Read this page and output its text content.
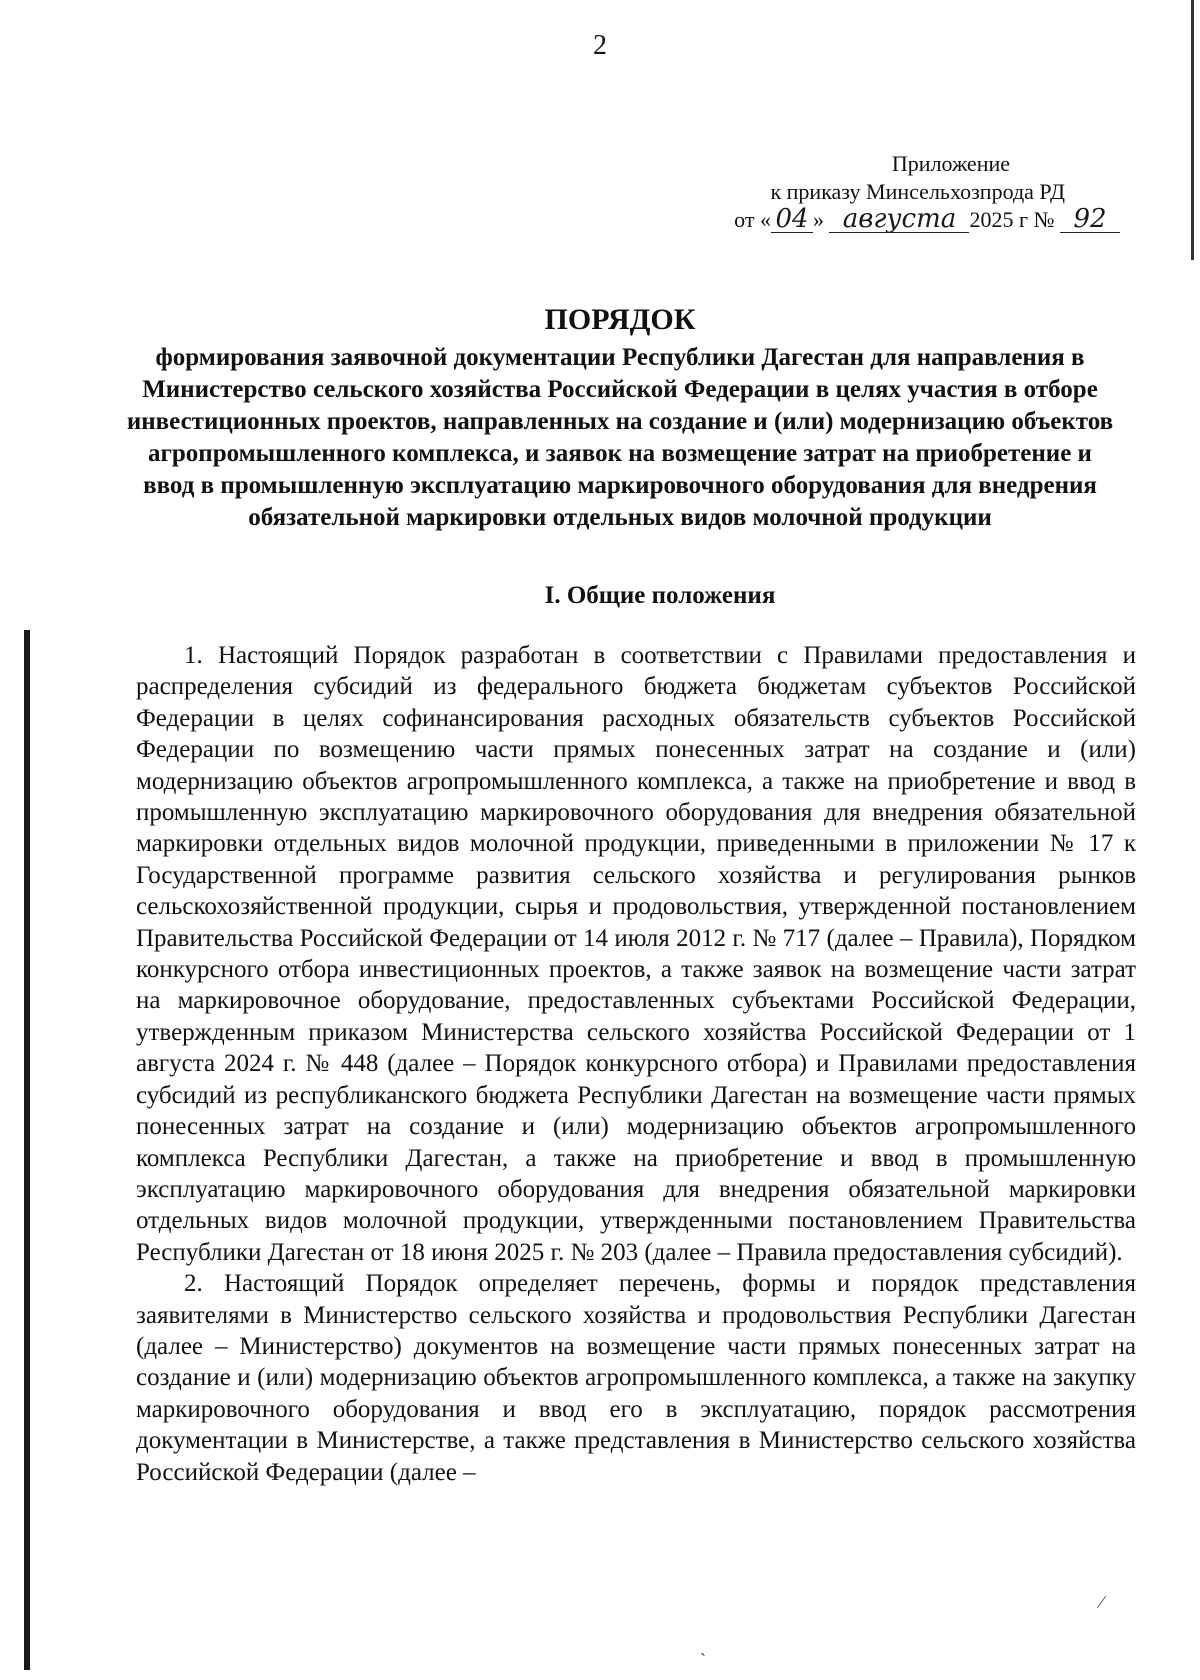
2
Приложение
к приказу Минсельхозпрода РД
от « 04 » августа 2025 г № 92
ПОРЯДОК

формирования заявочной документации Республики Дагестан для направления в Министерство сельского хозяйства Российской Федерации в целях участия в отборе инвестиционных проектов, направленных на создание и (или) модернизацию объектов агропромышленного комплекса, и заявок на возмещение затрат на приобретение и ввод в промышленную эксплуатацию маркировочного оборудования для внедрения обязательной маркировки отдельных видов молочной продукции

I. Общие положения

1. Настоящий Порядок разработан в соответствии с Правилами предоставления и распределения субсидий из федерального бюджета бюджетам субъектов Российской Федерации в целях софинансирования расходных обязательств субъектов Российской Федерации по возмещению части прямых понесенных затрат на создание и (или) модернизацию объектов агропромышленного комплекса, а также на приобретение и ввод в промышленную эксплуатацию маркировочного оборудования для внедрения обязательной маркировки отдельных видов молочной продукции, приведенными в приложении № 17 к Государственной программе развития сельского хозяйства и регулирования рынков сельскохозяйственной продукции, сырья и продовольствия, утвержденной постановлением Правительства Российской Федерации от 14 июля 2012 г. № 717 (далее – Правила), Порядком конкурсного отбора инвестиционных проектов, а также заявок на возмещение части затрат на маркировочное оборудование, предоставленных субъектами Российской Федерации, утвержденным приказом Министерства сельского хозяйства Российской Федерации от 1 августа 2024 г. № 448 (далее – Порядок конкурсного отбора) и Правилами предоставления субсидий из республиканского бюджета Республики Дагестан на возмещение части прямых понесенных затрат на создание и (или) модернизацию объектов агропромышленного комплекса Республики Дагестан, а также на приобретение и ввод в промышленную эксплуатацию маркировочного оборудования для внедрения обязательной маркировки отдельных видов молочной продукции, утвержденными постановлением Правительства Республики Дагестан от 18 июня 2025 г. № 203 (далее – Правила предоставления субсидий).

2. Настоящий Порядок определяет перечень, формы и порядок представления заявителями в Министерство сельского хозяйства и продовольствия Республики Дагестан (далее – Министерство) документов на возмещение части прямых понесенных затрат на создание и (или) модернизацию объектов агропромышленного комплекса, а также на закупку маркировочного оборудования и ввод его в эксплуатацию, порядок рассмотрения документации в Министерстве, а также представления в Министерство сельского хозяйства Российской Федерации (далее –

⁄
ˎ
